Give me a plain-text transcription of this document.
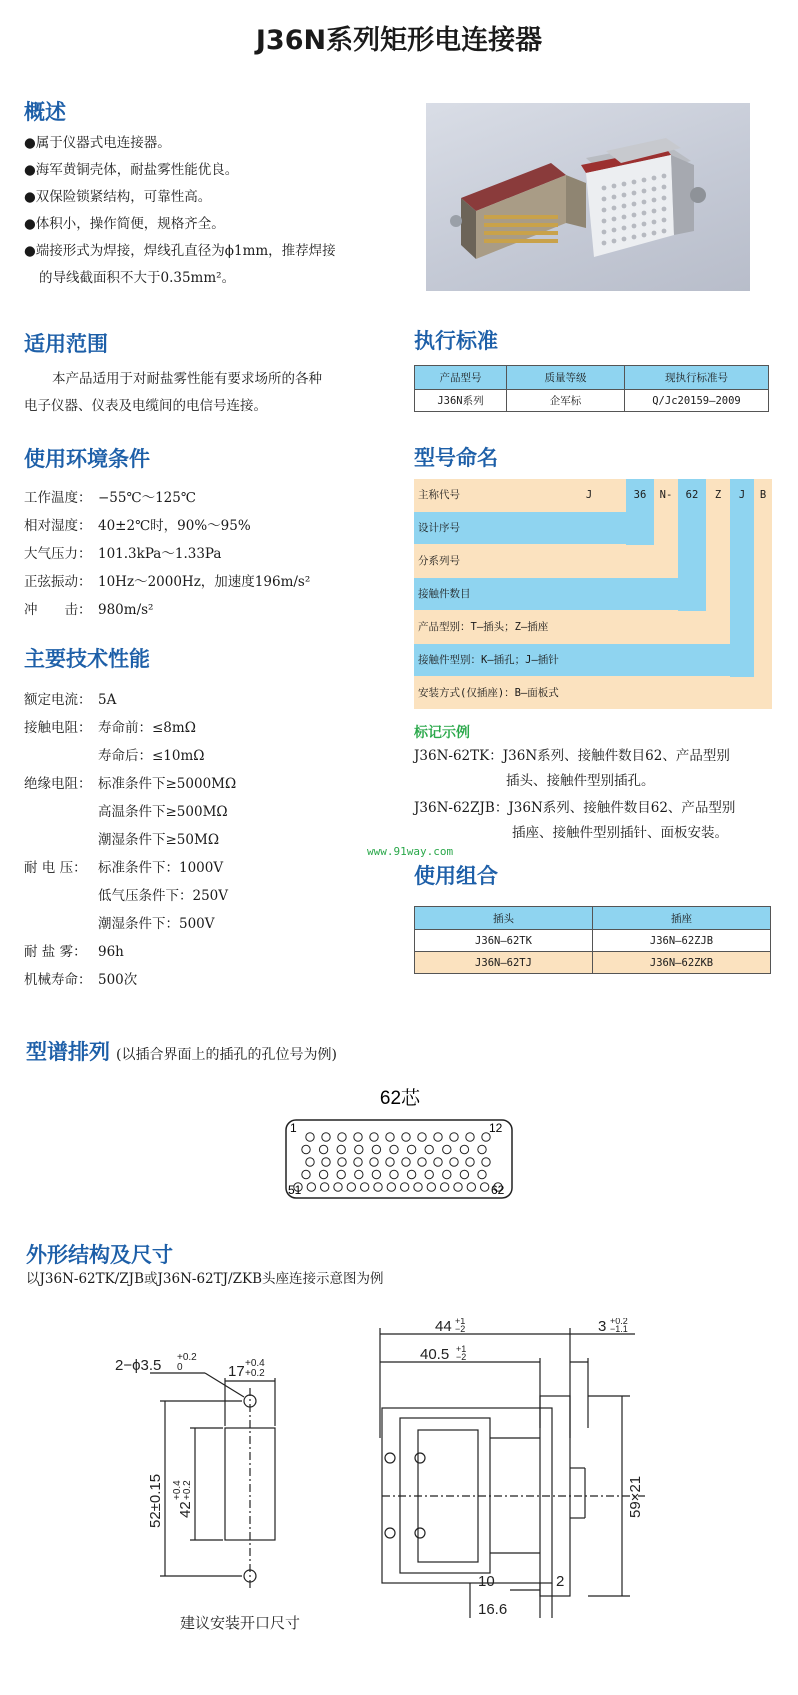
J36N系列矩形电连接器
概述
●属于仪器式电连接器。
●海军黄铜壳体，耐盐雾性能优良。
●双保险锁紧结构，可靠性高。
●体积小，操作简便，规格齐全。
●端接形式为焊接，焊线孔直径为ϕ1mm，推荐焊接
的导线截面积不大于0.35mm²。
适用范围
本产品适用于对耐盐雾性能有要求场所的各种
电子仪器、仪表及电缆间的电信号连接。
使用环境条件
工作温度： −55℃～125℃
相对湿度： 40±2℃时，90%～95%
大气压力： 101.3kPa～1.33Pa
正弦振动： 10Hz～2000Hz，加速度196m/s²
冲　　击： 980m/s²
主要技术性能
额定电流： 5A
接触电阻： 寿命前：≤8mΩ
寿命后：≤10mΩ
绝缘电阻： 标准条件下≥5000MΩ
高温条件下≥500MΩ
潮湿条件下≥50MΩ
耐 电 压： 标准条件下：1000V
低气压条件下：250V
潮湿条件下：500V
耐 盐 雾： 96h
机械寿命： 500次
执行标准
产品型号	质量等级	现执行标准号
J36N系列	企军标	Q/Jc20159—2009
型号命名
主称代号
设计序号
分系列号
接触件数目
产品型别：T—插头；Z—插座
接触件型别：K—插孔；J—插针
安装方式(仅插座)：B—面板式
J	36	N-	62	Z	J	B
标记示例
J36N-62TK：J36N系列、接触件数目62、产品型别
插头、接触件型别插孔。
J36N-62ZJB：J36N系列、接触件数目62、产品型别
插座、接触件型别插针、面板安装。
www.91way.com
使用组合
插头	插座
J36N—62TK	J36N—62ZJB
J36N—62TJ	J36N—62ZKB
型谱排列 (以插合界面上的插孔的孔位号为例)
62芯
1	12
51	62
外形结构及尺寸
以J36N-62TK/ZJB或J36N-62TJ/ZKB头座连接示意图为例
2−ϕ3.5 +0.2
0	17 +0.4
+0.2
52±0.15 42
+0.4 +0.2
建议安装开口尺寸
44 +1
−2
40.5 +1
−2
3 +0.2
−1.1
59×21
10	2
16.6
